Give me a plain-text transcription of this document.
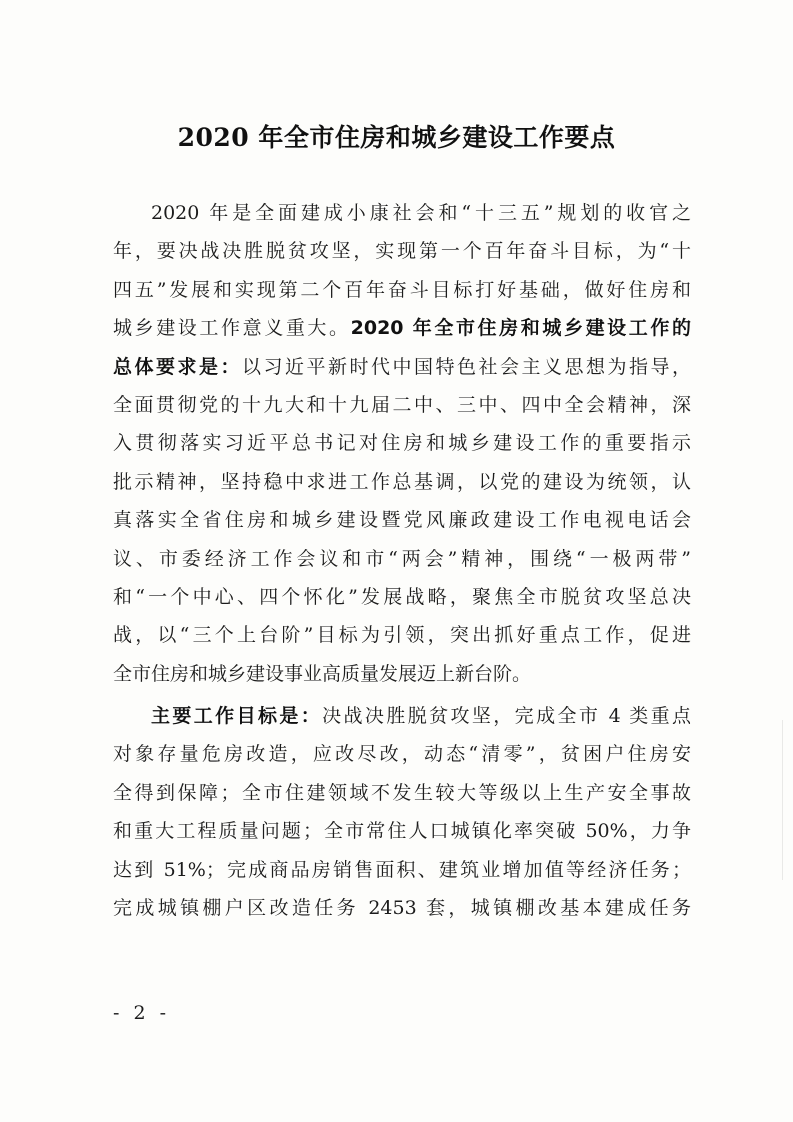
2020 年全市住房和城乡建设工作要点
2020 年是全面建成小康社会和“十三五”规划的收官之
年，要决战决胜脱贫攻坚，实现第一个百年奋斗目标，为“十
四五”发展和实现第二个百年奋斗目标打好基础，做好住房和
城乡建设工作意义重大。2020 年全市住房和城乡建设工作的
总体要求是：以习近平新时代中国特色社会主义思想为指导，
全面贯彻党的十九大和十九届二中、三中、四中全会精神，深
入贯彻落实习近平总书记对住房和城乡建设工作的重要指示
批示精神，坚持稳中求进工作总基调，以党的建设为统领，认
真落实全省住房和城乡建设暨党风廉政建设工作电视电话会
议、市委经济工作会议和市“两会”精神，围绕“一极两带”
和“一个中心、四个怀化”发展战略，聚焦全市脱贫攻坚总决
战，以“三个上台阶”目标为引领，突出抓好重点工作，促进
全市住房和城乡建设事业高质量发展迈上新台阶。
主要工作目标是：决战决胜脱贫攻坚，完成全市 4 类重点
对象存量危房改造，应改尽改，动态“清零”，贫困户住房安
全得到保障；全市住建领域不发生较大等级以上生产安全事故
和重大工程质量问题；全市常住人口城镇化率突破 50%，力争
达到 51%；完成商品房销售面积、建筑业增加值等经济任务；
完成城镇棚户区改造任务 2453 套，城镇棚改基本建成任务
- 2 -
